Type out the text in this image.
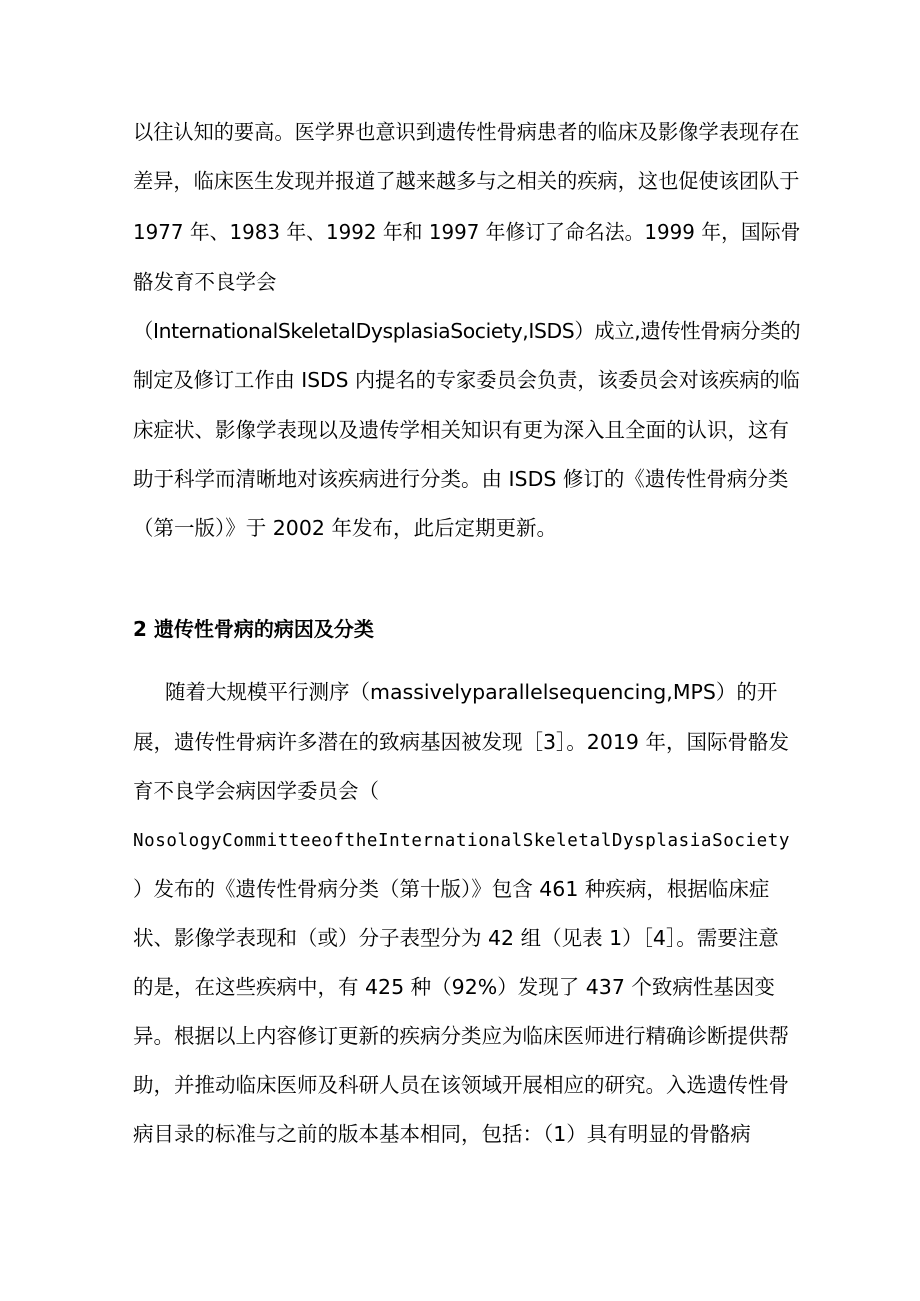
以往认知的要高。医学界也意识到遗传性骨病患者的临床及影像学表现存在
差异，临床医生发现并报道了越来越多与之相关的疾病，这也促使该团队于
1977 年、1983 年、1992 年和 1997 年修订了命名法。1999 年，国际骨
骼发育不良学会
（InternationalSkeletalDysplasiaSociety,ISDS）成立,遗传性骨病分类的
制定及修订工作由 ISDS 内提名的专家委员会负责，该委员会对该疾病的临
床症状、影像学表现以及遗传学相关知识有更为深入且全面的认识，这有
助于科学而清晰地对该疾病进行分类。由 ISDS 修订的《遗传性骨病分类
（第一版）》于 2002 年发布，此后定期更新。
2 遗传性骨病的病因及分类
随着大规模平行测序（massivelyparallelsequencing,MPS）的开
展，遗传性骨病许多潜在的致病基因被发现［3］。2019 年，国际骨骼发
育不良学会病因学委员会（
NosologyCommitteeoftheInternationalSkeletalDysplasiaSociety
）发布的《遗传性骨病分类（第十版）》包含 461 种疾病，根据临床症
状、影像学表现和（或）分子表型分为 42 组（见表 1）［4］。需要注意
的是，在这些疾病中，有 425 种（92%）发现了 437 个致病性基因变
异。根据以上内容修订更新的疾病分类应为临床医师进行精确诊断提供帮
助，并推动临床医师及科研人员在该领域开展相应的研究。入选遗传性骨
病目录的标准与之前的版本基本相同，包括：（1）具有明显的骨骼病
